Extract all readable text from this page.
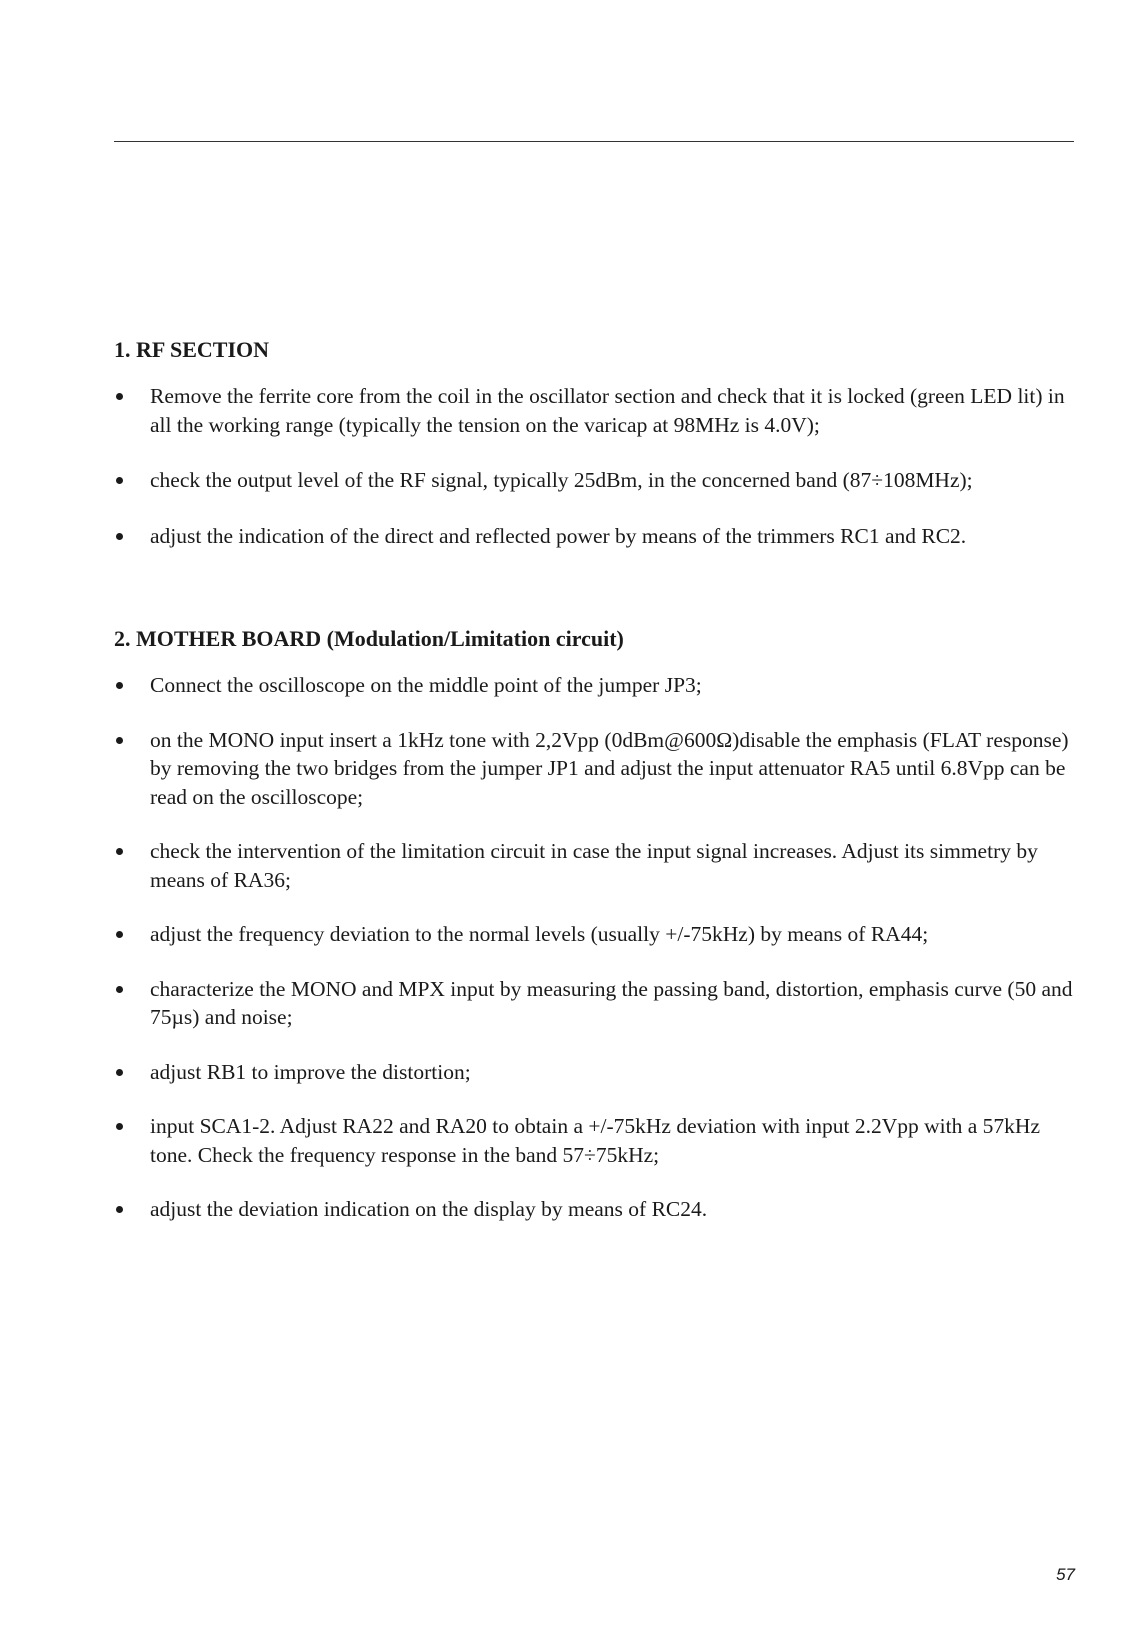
1. RF SECTION
Remove the ferrite core from the coil in the oscillator section and check that it is locked (green LED lit) in all the working range (typically the tension on the varicap at 98MHz is 4.0V);
check the output level of the RF signal, typically 25dBm, in the concerned band (87÷108MHz);
adjust the indication of the direct and reflected power by means of the trimmers RC1 and RC2.
2. MOTHER BOARD (Modulation/Limitation circuit)
Connect the oscilloscope on the middle point of the jumper JP3;
on the MONO input insert a 1kHz tone with 2,2Vpp (0dBm@600Ω)disable the emphasis (FLAT response) by removing the two bridges from the jumper JP1 and adjust the input attenuator RA5 until 6.8Vpp can be read on the oscilloscope;
check the intervention of the limitation circuit in case the input signal increases. Adjust its simmetry by means of RA36;
adjust the frequency deviation to the normal levels (usually +/-75kHz) by means of RA44;
characterize the MONO and MPX input by measuring the passing band, distortion, emphasis curve (50 and 75µs) and noise;
adjust RB1 to improve the distortion;
input SCA1-2. Adjust RA22 and RA20 to obtain a +/-75kHz deviation with input 2.2Vpp with a 57kHz tone. Check the frequency response in the band 57÷75kHz;
adjust the deviation indication on the display by means of RC24.
57
